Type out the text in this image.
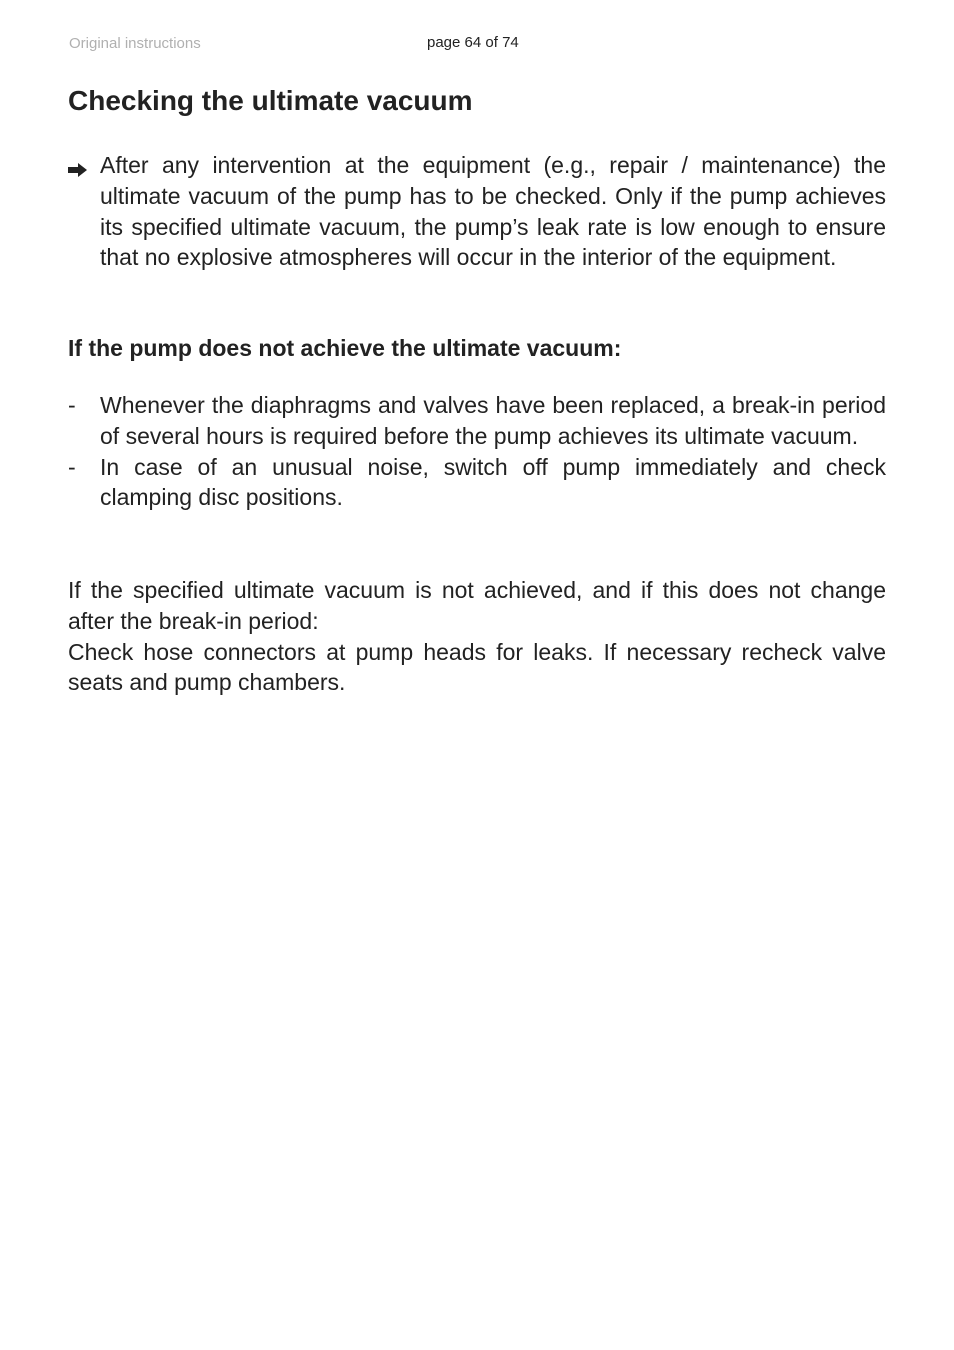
Original instructions	page 64 of 74
Checking the ultimate vacuum
After any intervention at the equipment (e.g., repair / maintenance) the ultimate vacuum of the pump has to be checked. Only if the pump achieves its specified ultimate vacuum, the pump’s leak rate is low enough to ensure that no explosive atmospheres will occur in the interior of the equipment.
If the pump does not achieve the ultimate vacuum:
-	Whenever the diaphragms and valves have been replaced, a break-in period of several hours is required before the pump achieves its ultimate vacuum.
-	In case of an unusual noise, switch off pump immediately and check clamping disc positions.

If the specified ultimate vacuum is not achieved, and if this does not change after the break-in period:

Check hose connectors at pump heads for leaks. If necessary recheck valve seats and pump chambers.
